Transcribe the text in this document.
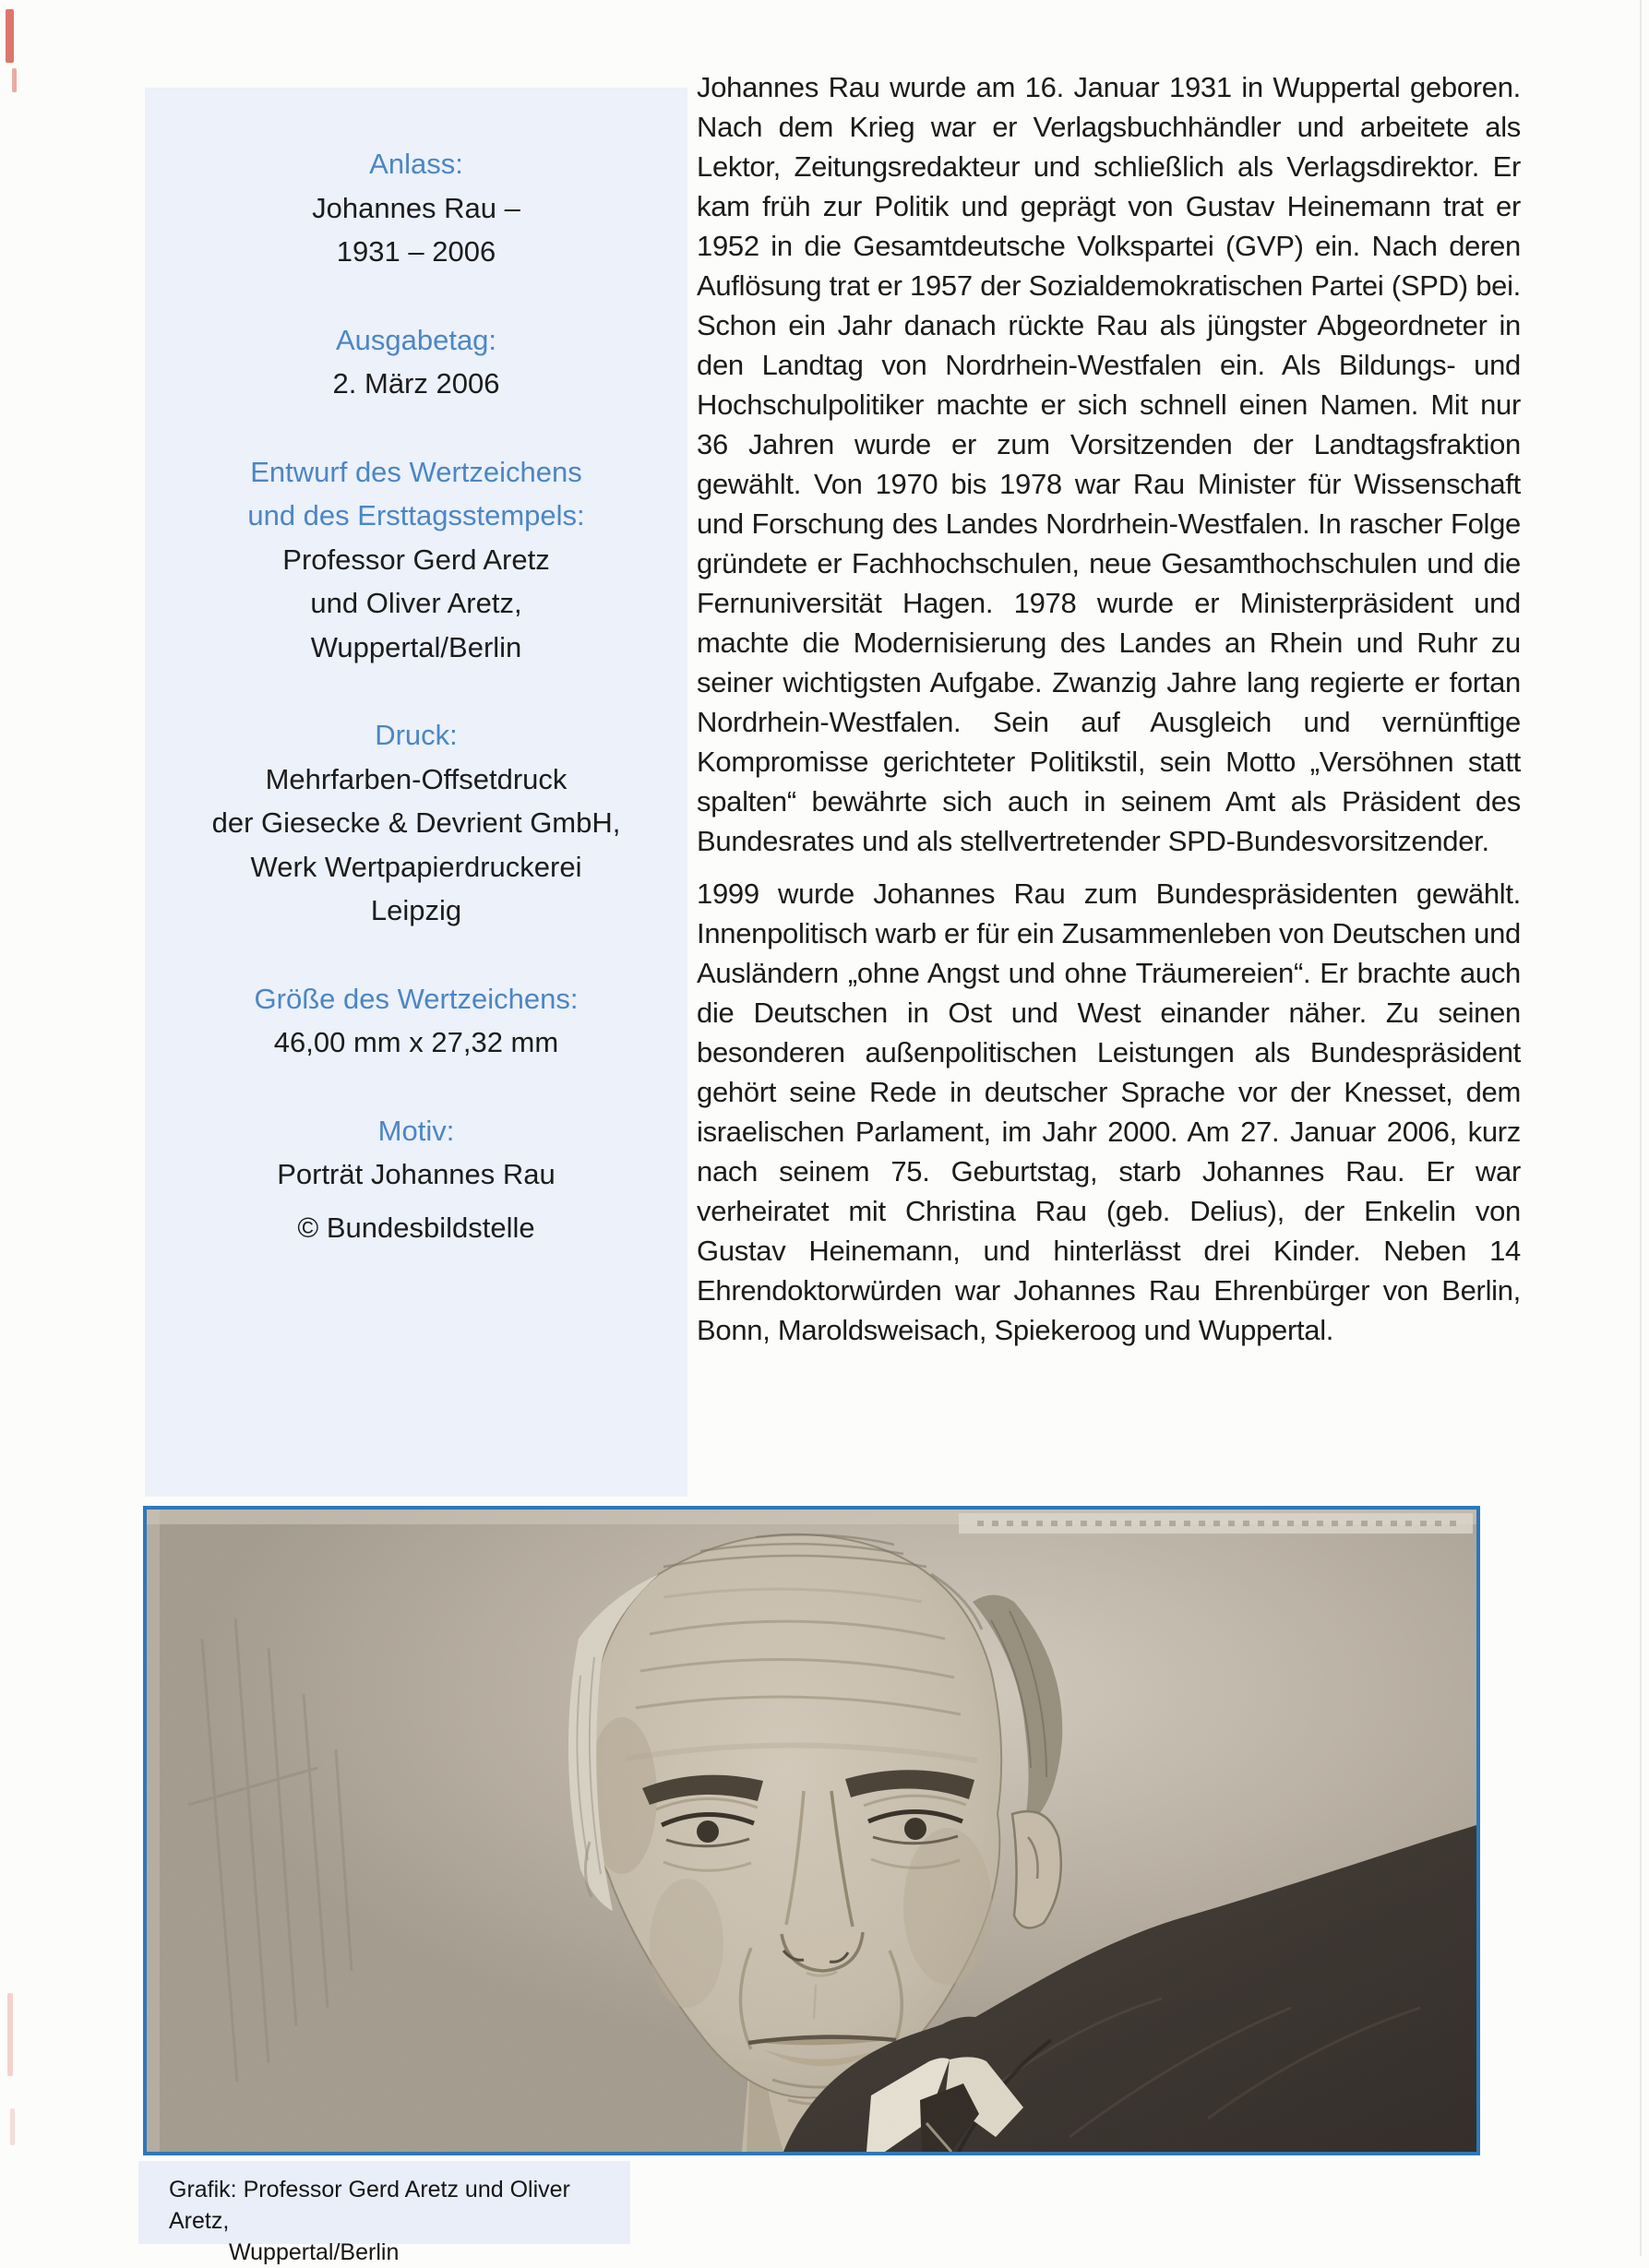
Anlass:
Johannes Rau –
1931 – 2006
Ausgabetag:
2. März 2006
Entwurf des Wertzeichens
und des Ersttagsstempels:
Professor Gerd Aretz
und Oliver Aretz,
Wuppertal/Berlin
Druck:
Mehrfarben-Offsetdruck
der Giesecke & Devrient GmbH,
Werk Wertpapierdruckerei
Leipzig
Größe des Wertzeichens:
46,00 mm x 27,32 mm
Motiv:
Porträt Johannes Rau
© Bundesbildstelle

Johannes Rau wurde am 16. Januar 1931 in Wuppertal geboren. Nach dem Krieg war er Verlagsbuchhändler und arbeitete als Lektor, Zeitungsredakteur und schließlich als Verlagsdirektor. Er kam früh zur Politik und geprägt von Gustav Heinemann trat er 1952 in die Gesamtdeutsche Volkspartei (GVP) ein. Nach deren Auflösung trat er 1957 der Sozialdemokratischen Partei (SPD) bei. Schon ein Jahr danach rückte Rau als jüngster Abgeordneter in den Landtag von Nordrhein-Westfalen ein. Als Bildungs- und Hochschulpolitiker machte er sich schnell einen Namen. Mit nur 36 Jahren wurde er zum Vorsitzenden der Landtagsfraktion gewählt. Von 1970 bis 1978 war Rau Minister für Wissenschaft und Forschung des Landes Nordrhein-Westfalen. In rascher Folge gründete er Fachhochschulen, neue Gesamthochschulen und die Fernuniversität Hagen. 1978 wurde er Ministerpräsident und machte die Modernisierung des Landes an Rhein und Ruhr zu seiner wichtigsten Aufgabe. Zwanzig Jahre lang regierte er fortan Nordrhein-Westfalen. Sein auf Ausgleich und vernünftige Kompromisse gerichteter Politikstil, sein Motto „Versöhnen statt spalten“ bewährte sich auch in seinem Amt als Präsident des Bundesrates und als stellvertretender SPD-Bundesvorsitzender.

1999 wurde Johannes Rau zum Bundespräsidenten gewählt. Innenpolitisch warb er für ein Zusammenleben von Deutschen und Ausländern „ohne Angst und ohne Träumereien“. Er brachte auch die Deutschen in Ost und West einander näher. Zu seinen besonderen außenpolitischen Leistungen als Bundespräsident gehört seine Rede in deutscher Sprache vor der Knesset, dem israelischen Parlament, im Jahr 2000. Am 27. Januar 2006, kurz nach seinem 75. Geburtstag, starb Johannes Rau. Er war verheiratet mit Christina Rau (geb. Delius), der Enkelin von Gustav Heinemann, und hinterlässt drei Kinder. Neben 14 Ehrendoktorwürden war Johannes Rau Ehrenbürger von Berlin, Bonn, Maroldsweisach, Spiekeroog und Wuppertal.

Grafik: Professor Gerd Aretz und Oliver Aretz,
Wuppertal/Berlin
